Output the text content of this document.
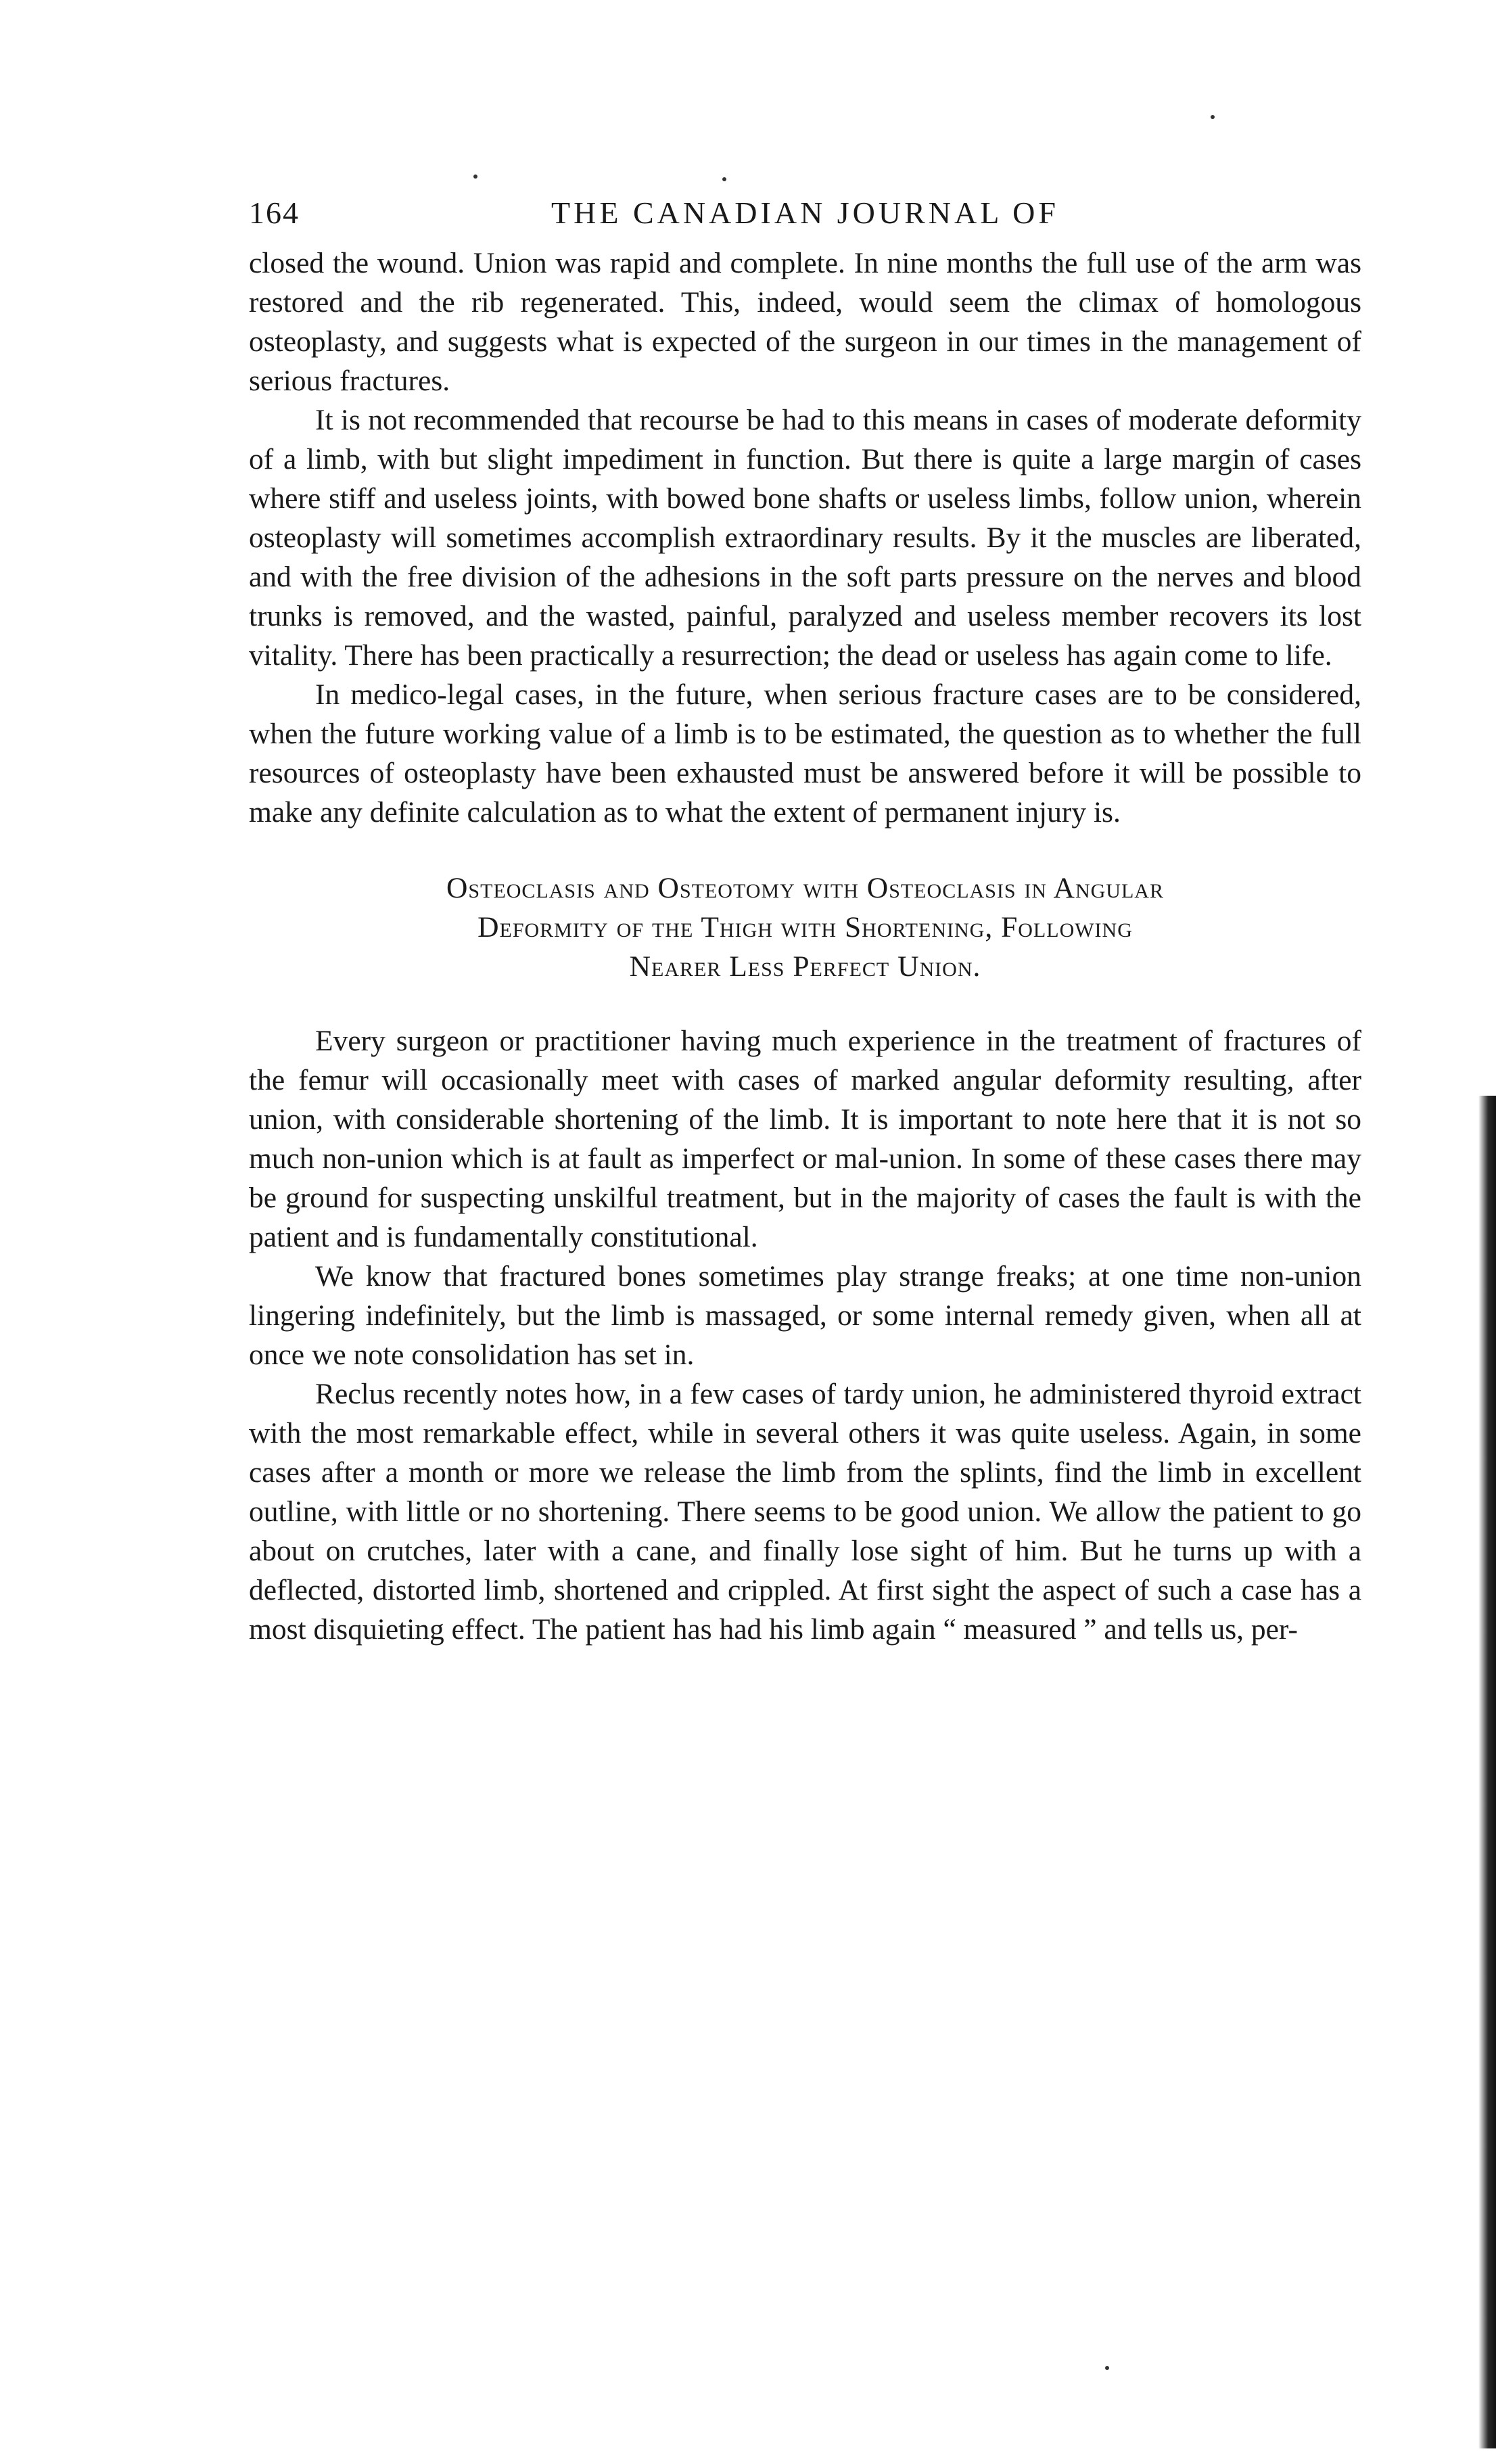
164	THE CANADIAN JOURNAL OF

closed the wound. Union was rapid and complete. In nine months the full use of the arm was restored and the rib regenerated. This, indeed, would seem the climax of homologous osteoplasty, and suggests what is expected of the surgeon in our times in the management of serious fractures.

It is not recommended that recourse be had to this means in cases of moderate deformity of a limb, with but slight impediment in function. But there is quite a large margin of cases where stiff and useless joints, with bowed bone shafts or useless limbs, follow union, wherein osteoplasty will sometimes accomplish extraordinary results. By it the muscles are liberated, and with the free division of the adhesions in the soft parts pressure on the nerves and blood trunks is removed, and the wasted, painful, paralyzed and useless member recovers its lost vitality. There has been practically a resurrection; the dead or useless has again come to life.

In medico-legal cases, in the future, when serious fracture cases are to be considered, when the future working value of a limb is to be estimated, the question as to whether the full resources of osteoplasty have been exhausted must be answered before it will be possible to make any definite calculation as to what the extent of permanent injury is.

Osteoclasis and Osteotomy with Osteoclasis in Angular
Deformity of the Thigh with Shortening, Following
Nearer Less Perfect Union.

Every surgeon or practitioner having much experience in the treatment of fractures of the femur will occasionally meet with cases of marked angular deformity resulting, after union, with considerable shortening of the limb. It is important to note here that it is not so much non-union which is at fault as imperfect or mal-union. In some of these cases there may be ground for suspecting unskilful treatment, but in the majority of cases the fault is with the patient and is fundamentally constitutional.

We know that fractured bones sometimes play strange freaks; at one time non-union lingering indefinitely, but the limb is massaged, or some internal remedy given, when all at once we note consolidation has set in.

Reclus recently notes how, in a few cases of tardy union, he administered thyroid extract with the most remarkable effect, while in several others it was quite useless. Again, in some cases after a month or more we release the limb from the splints, find the limb in excellent outline, with little or no shortening. There seems to be good union. We allow the patient to go about on crutches, later with a cane, and finally lose sight of him. But he turns up with a deflected, distorted limb, shortened and crippled. At first sight the aspect of such a case has a most disquieting effect. The patient has had his limb again “ measured ” and tells us, per-
